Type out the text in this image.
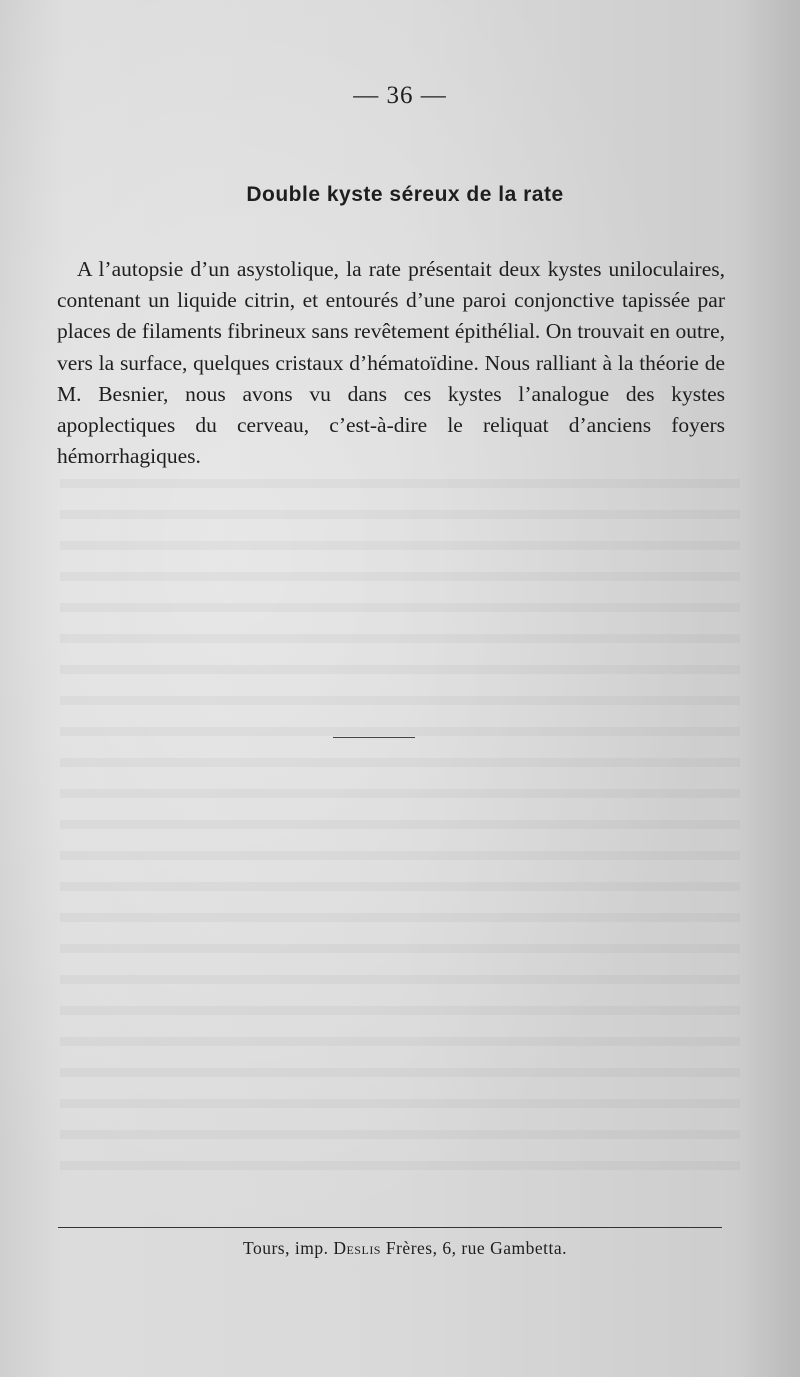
— 36 —
Double kyste séreux de la rate

A l’autopsie d’un asystolique, la rate présentait deux kystes uniloculaires, contenant un liquide citrin, et entourés d’une paroi conjonctive tapissée par places de filaments fibrineux sans revêtement épithélial. On trouvait en outre, vers la surface, quelques cristaux d’hématoïdine. Nous ralliant à la théorie de M. Besnier, nous avons vu dans ces kystes l’analogue des kystes apoplectiques du cerveau, c’est-à-dire le reliquat d’anciens foyers hémorrhagiques.

Tours, imp. Deslis Frères, 6, rue Gambetta.
